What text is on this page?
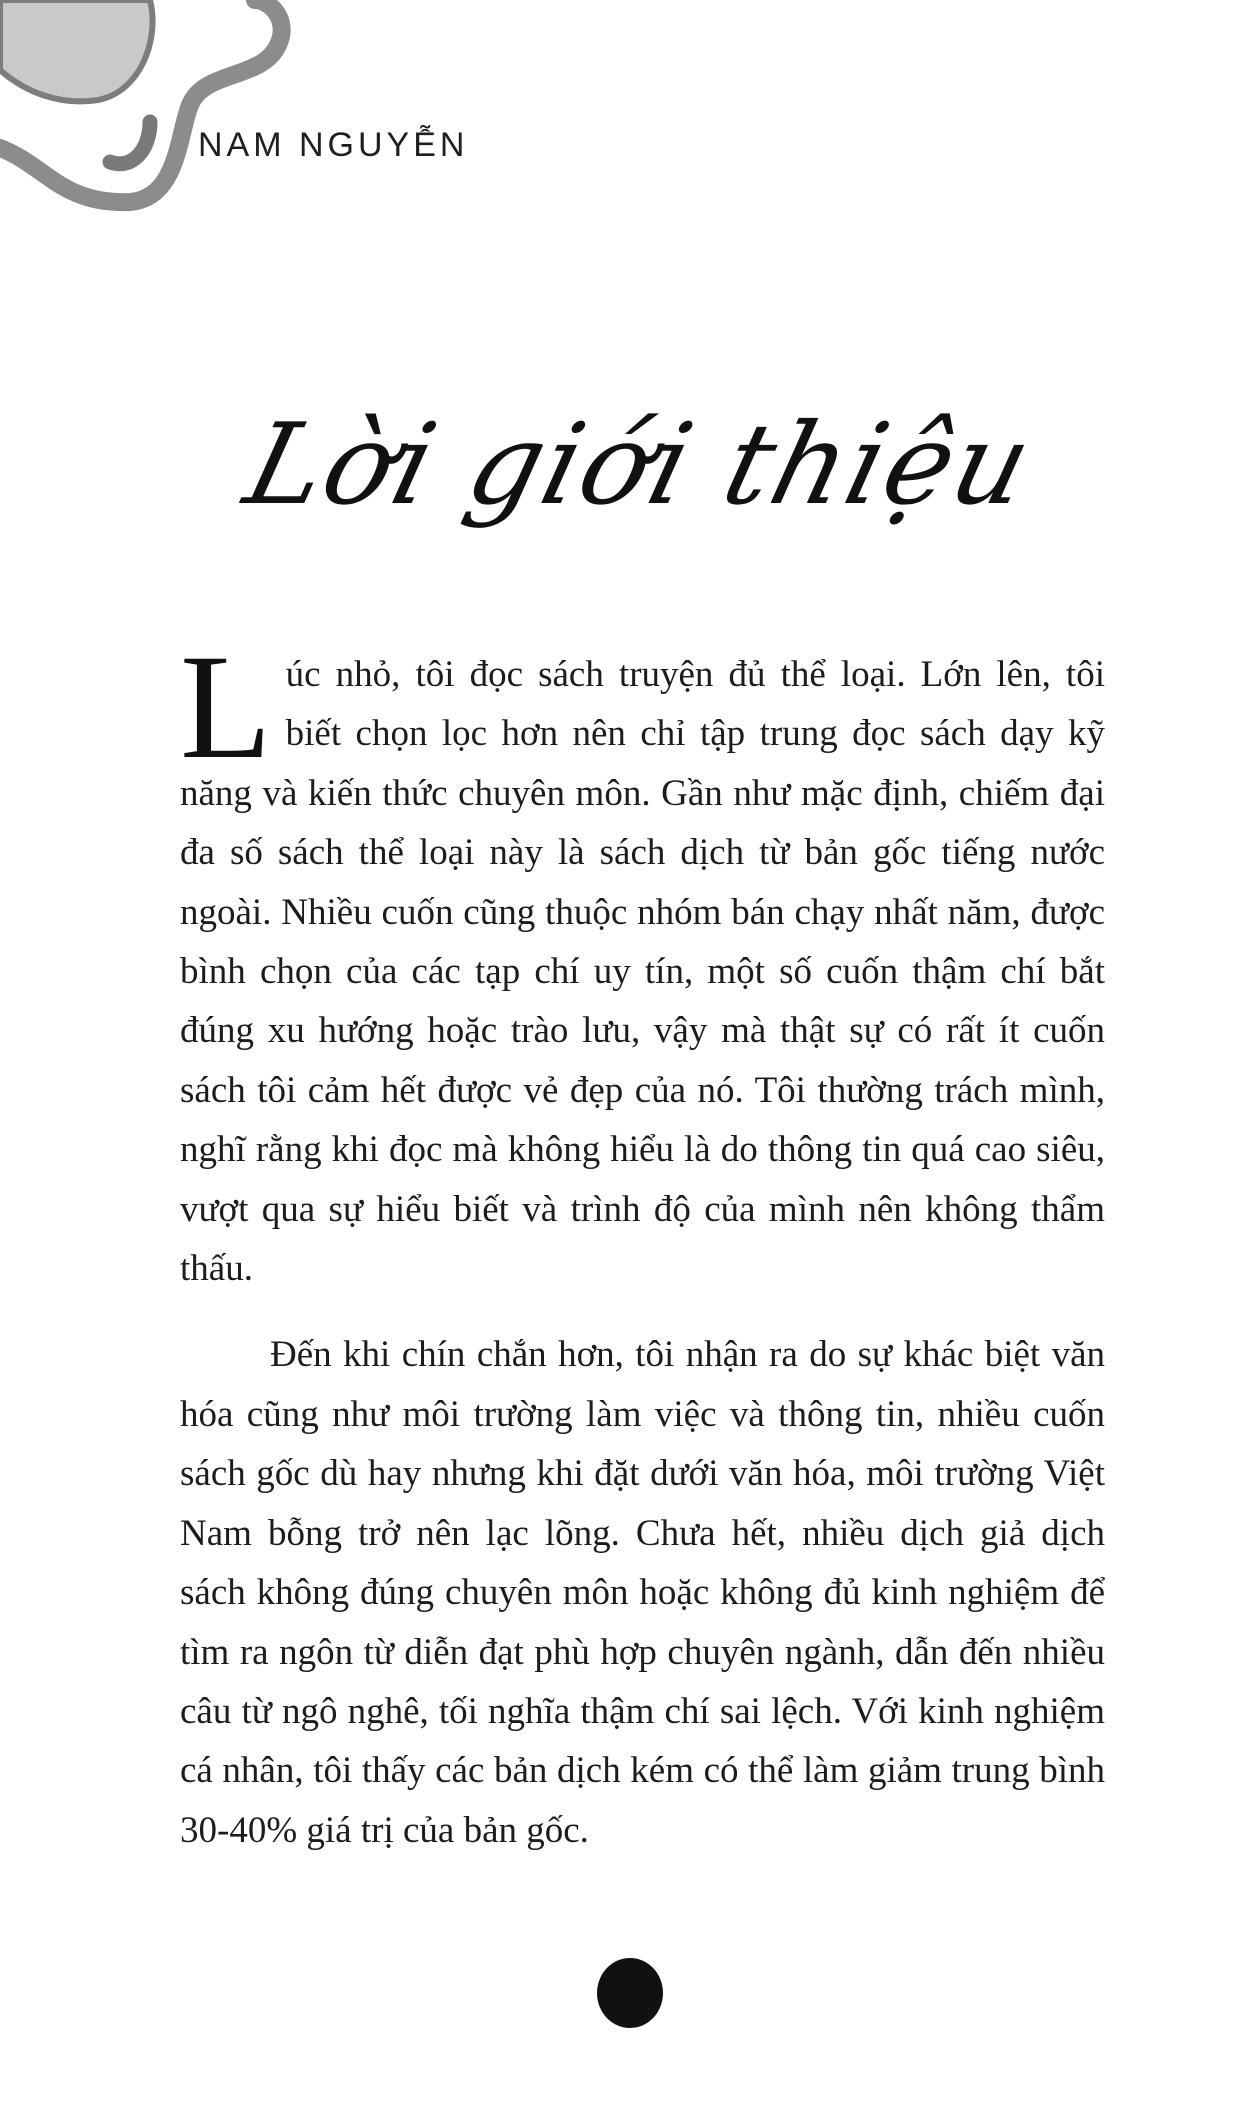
NAM NGUYỄN
Lời giới thiệu

Lúc nhỏ, tôi đọc sách truyện đủ thể loại. Lớn lên, tôi biết chọn lọc hơn nên chỉ tập trung đọc sách dạy kỹ năng và kiến thức chuyên môn. Gần như mặc định, chiếm đại đa số sách thể loại này là sách dịch từ bản gốc tiếng nước ngoài. Nhiều cuốn cũng thuộc nhóm bán chạy nhất năm, được bình chọn của các tạp chí uy tín, một số cuốn thậm chí bắt đúng xu hướng hoặc trào lưu, vậy mà thật sự có rất ít cuốn sách tôi cảm hết được vẻ đẹp của nó. Tôi thường trách mình, nghĩ rằng khi đọc mà không hiểu là do thông tin quá cao siêu, vượt qua sự hiểu biết và trình độ của mình nên không thẩm thấu.

Đến khi chín chắn hơn, tôi nhận ra do sự khác biệt văn hóa cũng như môi trường làm việc và thông tin, nhiều cuốn sách gốc dù hay nhưng khi đặt dưới văn hóa, môi trường Việt Nam bỗng trở nên lạc lõng. Chưa hết, nhiều dịch giả dịch sách không đúng chuyên môn hoặc không đủ kinh nghiệm để tìm ra ngôn từ diễn đạt phù hợp chuyên ngành, dẫn đến nhiều câu từ ngô nghê, tối nghĩa thậm chí sai lệch. Với kinh nghiệm cá nhân, tôi thấy các bản dịch kém có thể làm giảm trung bình 30-40% giá trị của bản gốc.
